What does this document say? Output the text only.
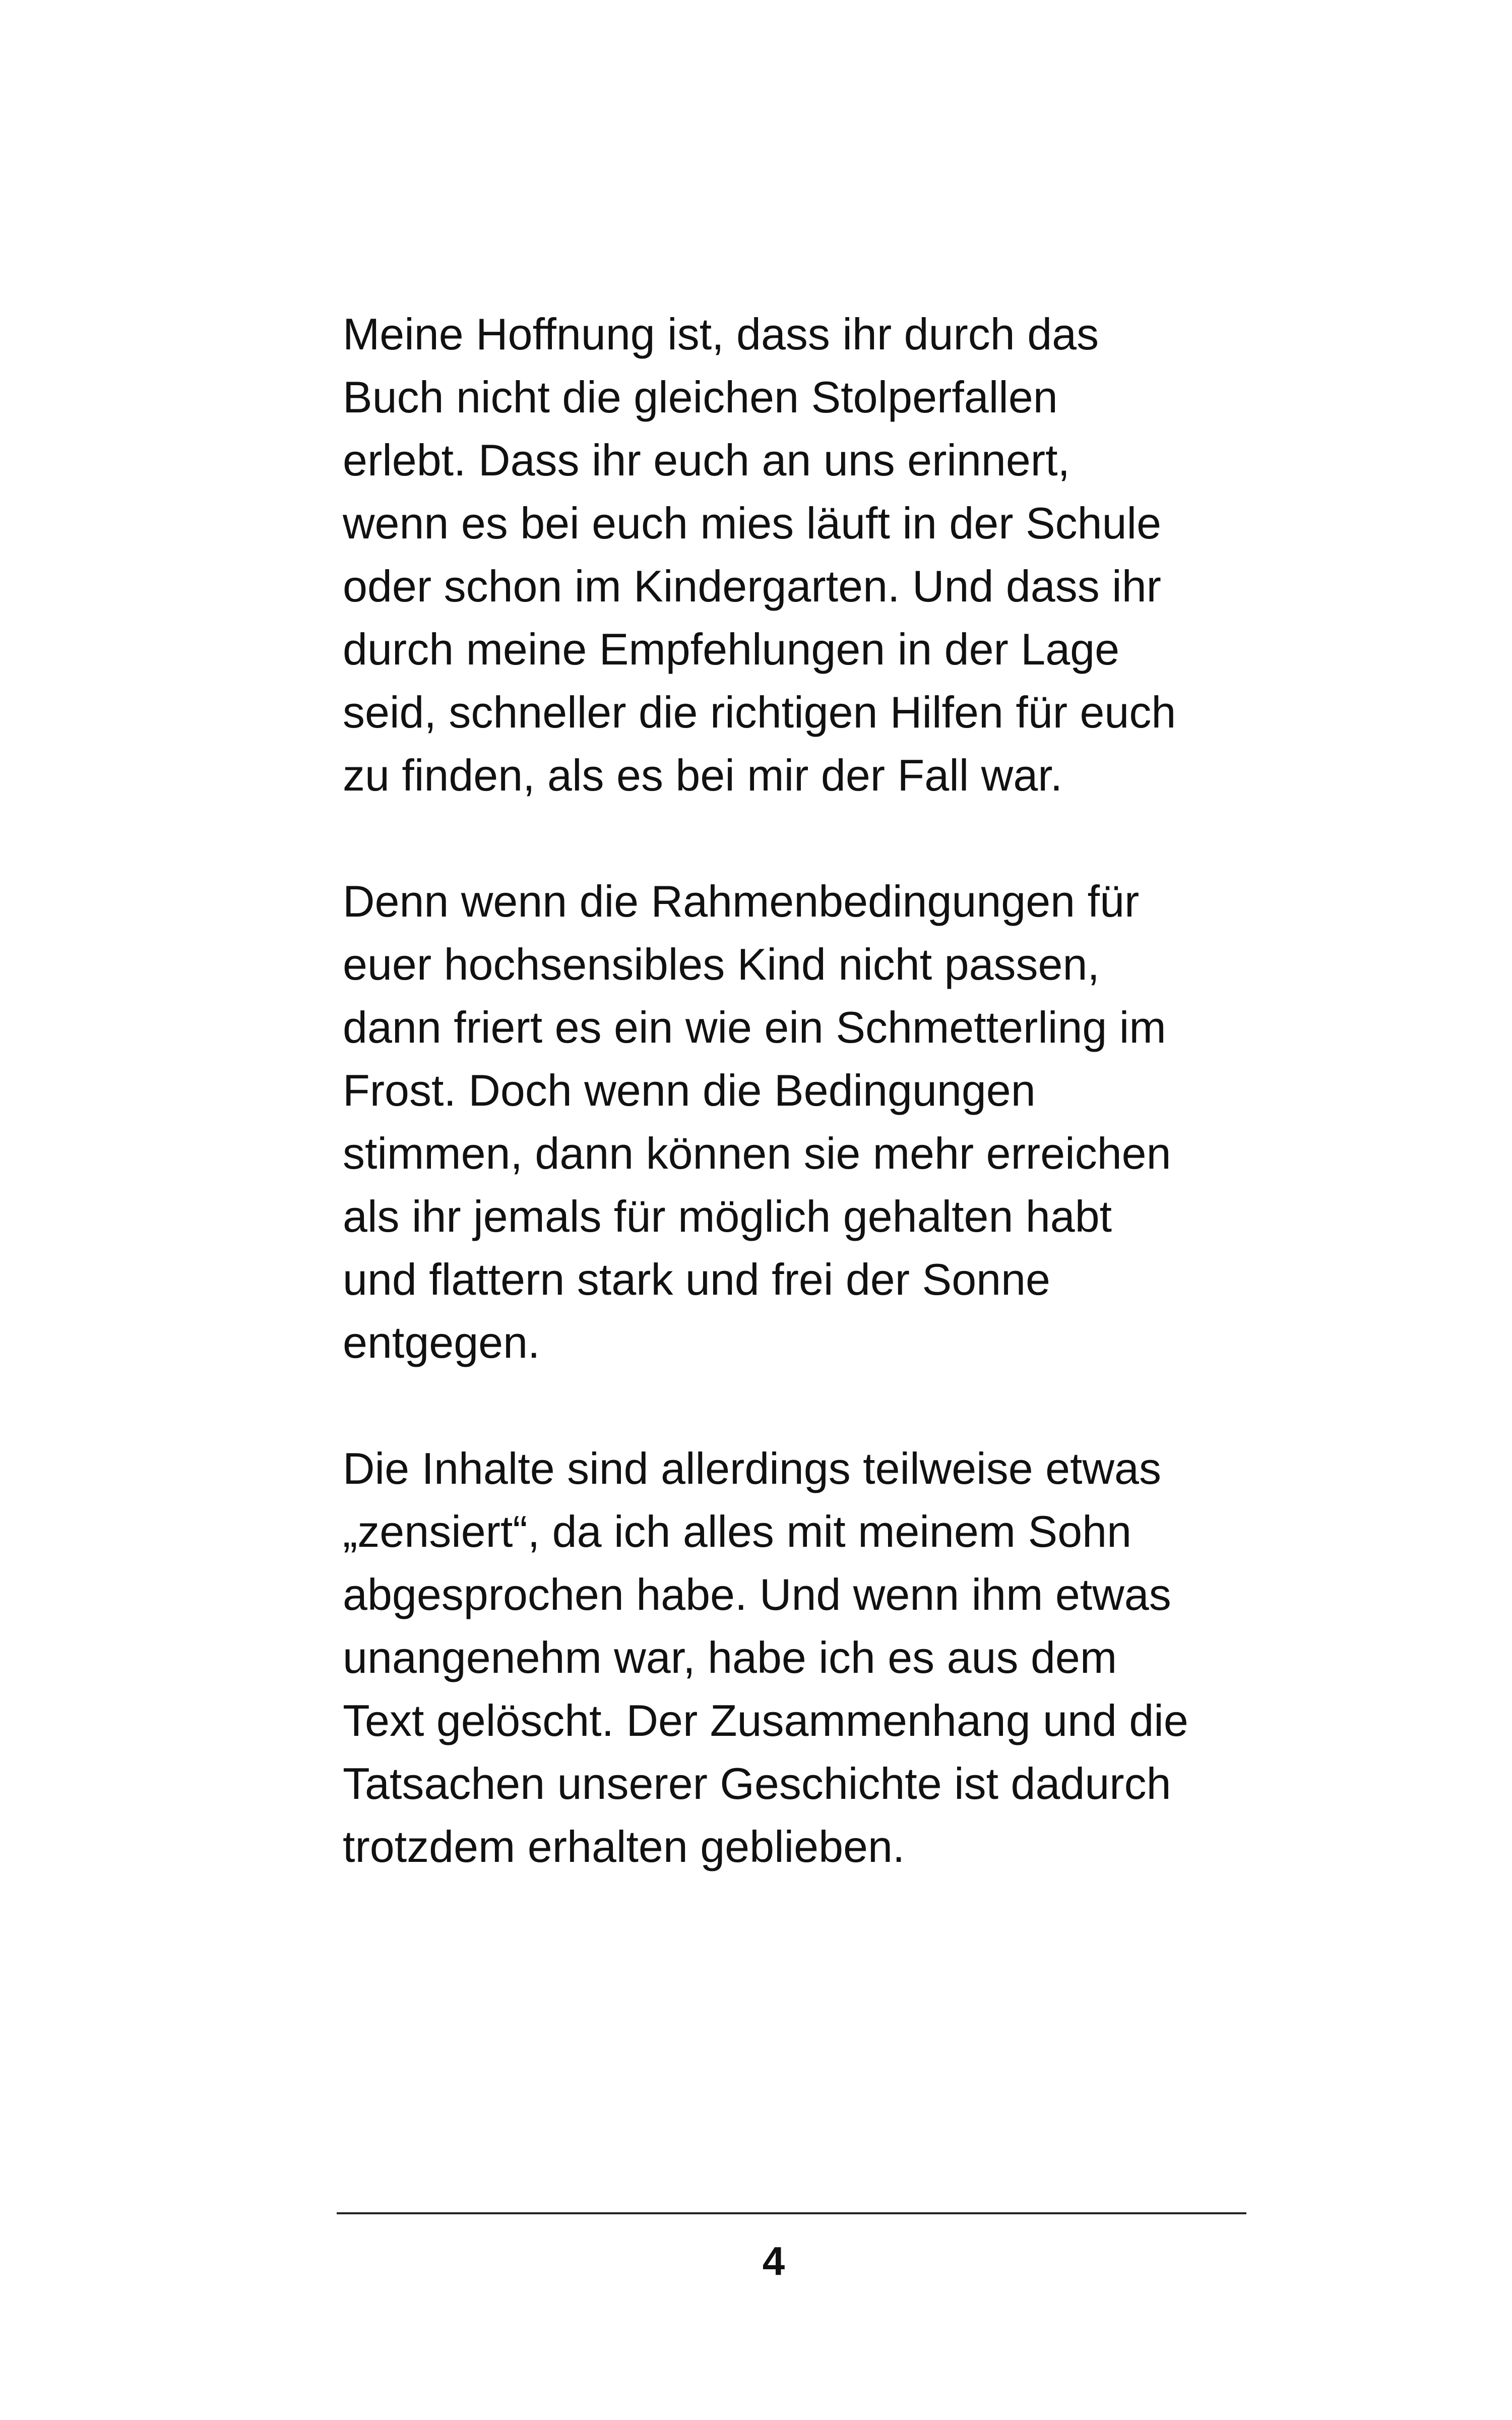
Meine Hoffnung ist, dass ihr durch das
Buch nicht die gleichen Stolperfallen
erlebt. Dass ihr euch an uns erinnert,
wenn es bei euch mies läuft in der Schule
oder schon im Kindergarten. Und dass ihr
durch meine Empfehlungen in der Lage
seid, schneller die richtigen Hilfen für euch
zu finden, als es bei mir der Fall war.

Denn wenn die Rahmenbedingungen für
euer hochsensibles Kind nicht passen,
dann friert es ein wie ein Schmetterling im
Frost. Doch wenn die Bedingungen
stimmen, dann können sie mehr erreichen
als ihr jemals für möglich gehalten habt
und flattern stark und frei der Sonne
entgegen.

Die Inhalte sind allerdings teilweise etwas
„zensiert“, da ich alles mit meinem Sohn
abgesprochen habe. Und wenn ihm etwas
unangenehm war, habe ich es aus dem
Text gelöscht. Der Zusammenhang und die
Tatsachen unserer Geschichte ist dadurch
trotzdem erhalten geblieben.

4
